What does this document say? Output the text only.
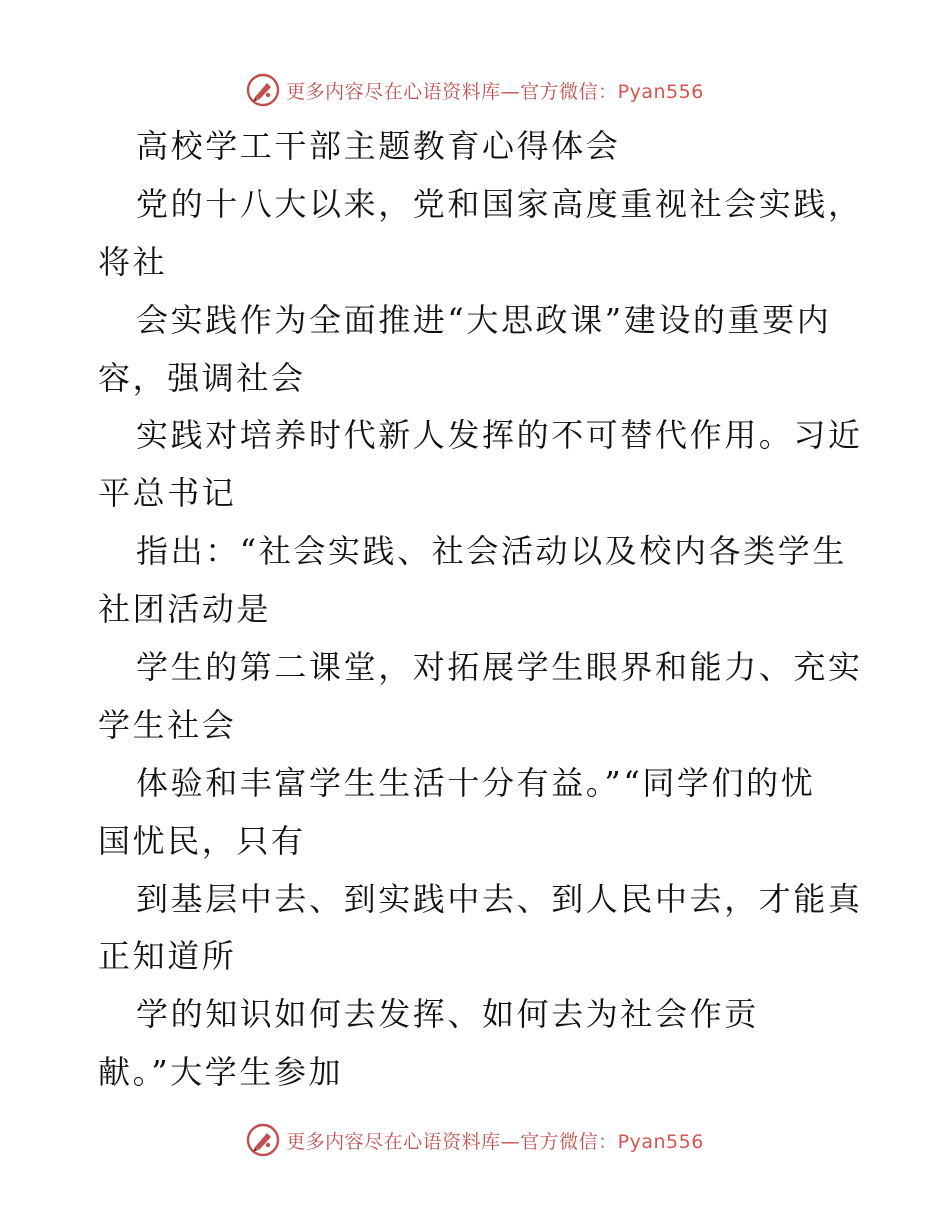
更多内容尽在心语资料库—官方微信：Pyan556
高校学工干部主题教育心得体会
党的十八大以来，党和国家高度重视社会实践，
将社
会实践作为全面推进“大思政课”建设的重要内
容，强调社会
实践对培养时代新人发挥的不可替代作用。习近
平总书记
指出：“社会实践、社会活动以及校内各类学生
社团活动是
学生的第二课堂，对拓展学生眼界和能力、充实
学生社会
体验和丰富学生生活十分有益。”“同学们的忧
国忧民，只有
到基层中去、到实践中去、到人民中去，才能真
正知道所
学的知识如何去发挥、如何去为社会作贡
献。”大学生参加
更多内容尽在心语资料库—官方微信：Pyan556
